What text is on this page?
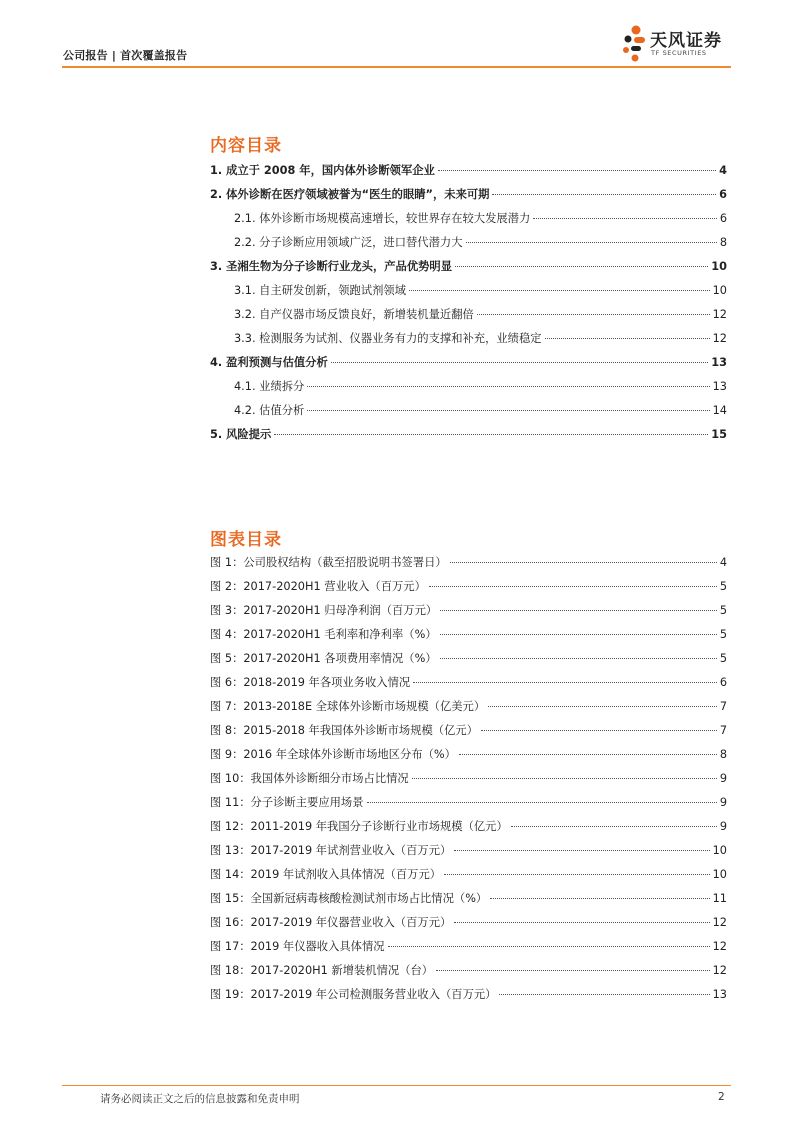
公司报告 | 首次覆盖报告
天风证券
TF SECURITIES
内容目录
1. 成立于 2008 年，国内体外诊断领军企业	4
2. 体外诊断在医疗领域被誉为“医生的眼睛”，未来可期	6
2.1. 体外诊断市场规模高速增长，较世界存在较大发展潜力	6
2.2. 分子诊断应用领域广泛，进口替代潜力大	8
3. 圣湘生物为分子诊断行业龙头，产品优势明显	10
3.1. 自主研发创新，领跑试剂领域	10
3.2. 自产仪器市场反馈良好，新增装机量近翻倍	12
3.3. 检测服务为试剂、仪器业务有力的支撑和补充，业绩稳定	12
4. 盈利预测与估值分析	13
4.1. 业绩拆分	13
4.2. 估值分析	14
5. 风险提示	15
图表目录
图 1：公司股权结构（截至招股说明书签署日）	4
图 2：2017-2020H1 营业收入（百万元）	5
图 3：2017-2020H1 归母净利润（百万元）	5
图 4：2017-2020H1 毛利率和净利率（%）	5
图 5：2017-2020H1 各项费用率情况（%）	5
图 6：2018-2019 年各项业务收入情况	6
图 7：2013-2018E 全球体外诊断市场规模（亿美元）	7
图 8：2015-2018 年我国体外诊断市场规模（亿元）	7
图 9：2016 年全球体外诊断市场地区分布（%）	8
图 10：我国体外诊断细分市场占比情况	9
图 11：分子诊断主要应用场景	9
图 12：2011-2019 年我国分子诊断行业市场规模（亿元）	9
图 13：2017-2019 年试剂营业收入（百万元）	10
图 14：2019 年试剂收入具体情况（百万元）	10
图 15：全国新冠病毒核酸检测试剂市场占比情况（%）	11
图 16：2017-2019 年仪器营业收入（百万元）	12
图 17：2019 年仪器收入具体情况	12
图 18：2017-2020H1 新增装机情况（台）	12
图 19：2017-2019 年公司检测服务营业收入（百万元）	13
请务必阅读正文之后的信息披露和免责申明	2
